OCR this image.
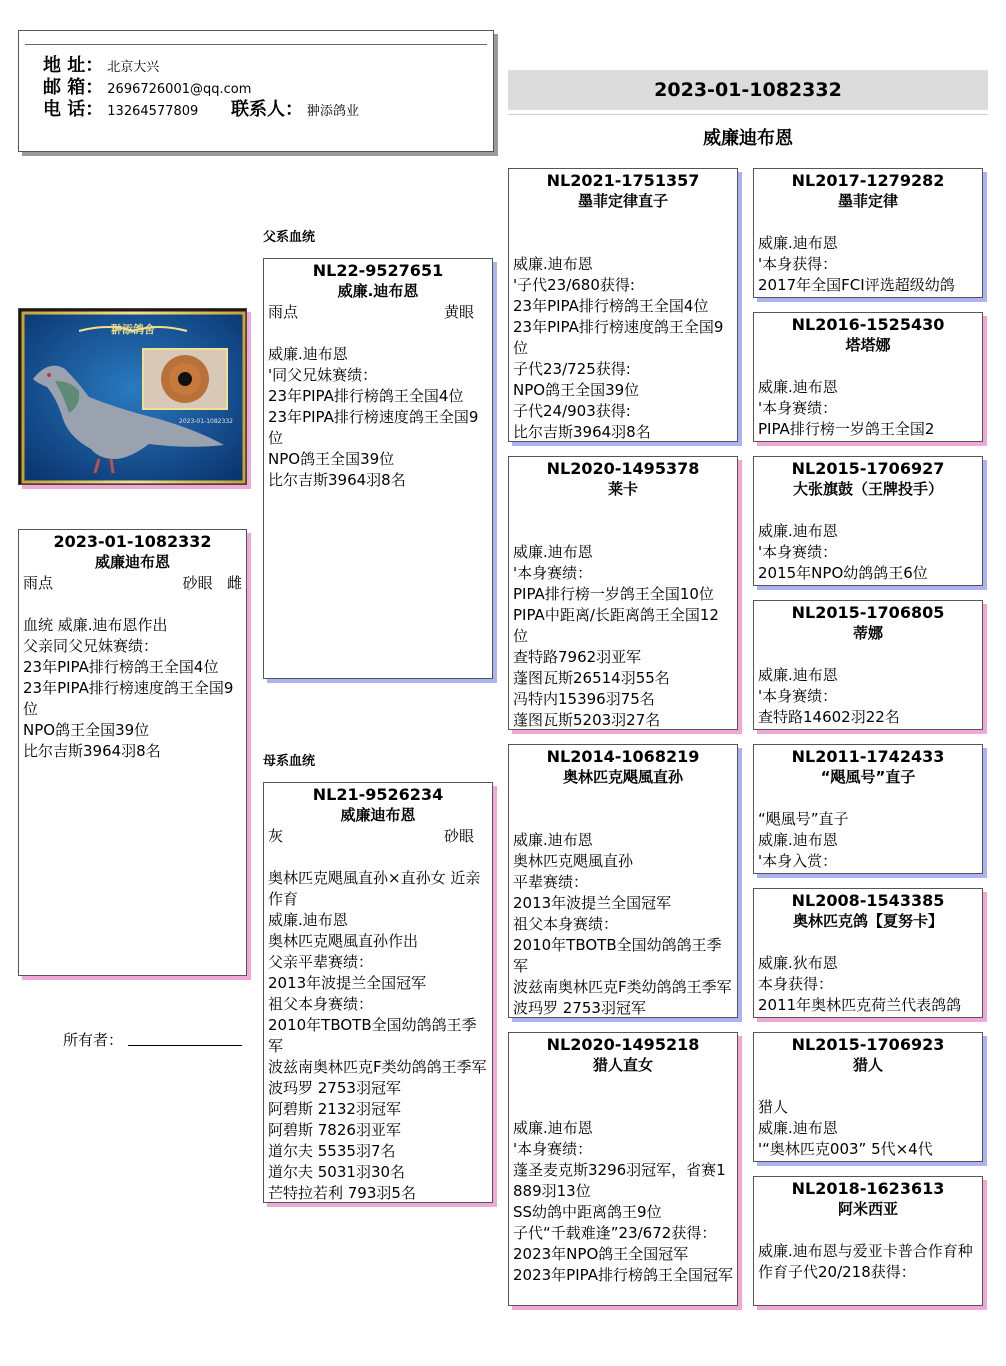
地 址： 北京大兴
邮 箱： 2696726001@qq.com
电 话： 13264577809 联系人： 翀添鸽业
2023-01-1082332
威廉迪布恩
翀添鸽舍
2023-01-1082332
2023-01-1082332
威廉迪布恩
雨点	砂眼 雌

血统 威廉.迪布恩作出
父亲同父兄妹赛绩：
23年PIPA排行榜鸽王全国4位
23年PIPA排行榜速度鸽王全国9位
NPO鸽王全国39位
比尔吉斯3964羽8名
所有者：
父系血统
母系血统
NL22-9527651
威廉.迪布恩
雨点	黄眼

威廉.迪布恩
'同父兄妹赛绩：
23年PIPA排行榜鸽王全国4位
23年PIPA排行榜速度鸽王全国9位
NPO鸽王全国39位
比尔吉斯3964羽8名
NL21-9526234
威廉迪布恩
灰	砂眼

奥林匹克飓風直孙×直孙女 近亲作育
威廉.迪布恩
奥林匹克飓風直孙作出
父亲平辈赛绩：
2013年波提兰全国冠军
祖父本身赛绩：
2010年TBOTB全国幼鸽鸽王季军
波兹南奥林匹克F类幼鸽鸽王季军波玛罗 2753羽冠军
阿碧斯 2132羽冠军
阿碧斯 7826羽亚军
道尔夫 5535羽7名
道尔夫 5031羽30名
芒特拉若利 793羽5名
NL2021-1751357
墨菲定律直子

威廉.迪布恩
'子代23/680获得:
23年PIPA排行榜鸽王全国4位
23年PIPA排行榜速度鸽王全国9位
子代23/725获得:
NPO鸽王全国39位
子代24/903获得:
比尔吉斯3964羽8名
NL2020-1495378
莱卡

威廉.迪布恩
'本身赛绩：
PIPA排行榜一岁鸽王全国10位
PIPA中距离/长距离鸽王全国12位
查特路7962羽亚军
蓬图瓦斯26514羽55名
冯特内15396羽75名
蓬图瓦斯5203羽27名
NL2014-1068219
奥林匹克飓風直孙

威廉.迪布恩
奥林匹克飓風直孙
平辈赛绩：
2013年波提兰全国冠军
祖父本身赛绩：
2010年TBOTB全国幼鸽鸽王季军
波兹南奥林匹克F类幼鸽鸽王季军波玛罗 2753羽冠军
NL2020-1495218
猎人直女

威廉.迪布恩
'本身赛绩：
蓬圣麦克斯3296羽冠军，省赛1889羽13位
SS幼鸽中距离鸽王9位
子代“千载难逢”23/672获得：
2023年NPO鸽王全国冠军
2023年PIPA排行榜鸽王全国冠军
NL2017-1279282
墨菲定律

威廉.迪布恩
'本身获得：
2017年全国FCI评选超级幼鸽
NL2016-1525430
塔塔娜

威廉.迪布恩
'本身赛绩：
PIPA排行榜一岁鸽王全国2
NL2015-1706927
大张旗鼓（王牌投手）

威廉.迪布恩
'本身赛绩：
2015年NPO幼鸽鸽王6位
NL2015-1706805
蒂娜

威廉.迪布恩
'本身赛绩：
查特路14602羽22名
NL2011-1742433
“飓風号”直子

“飓風号”直子
威廉.迪布恩
'本身入赏：
NL2008-1543385
奥林匹克鸽【夏努卡】

威廉.狄布恩
本身获得：
2011年奥林匹克荷兰代表鸽鸽
NL2015-1706923
猎人

猎人
威廉.迪布恩
'“奥林匹克003” 5代×4代
NL2018-1623613
阿米西亚

威廉.迪布恩与爱亚卡普合作育种
作育子代20/218获得：
